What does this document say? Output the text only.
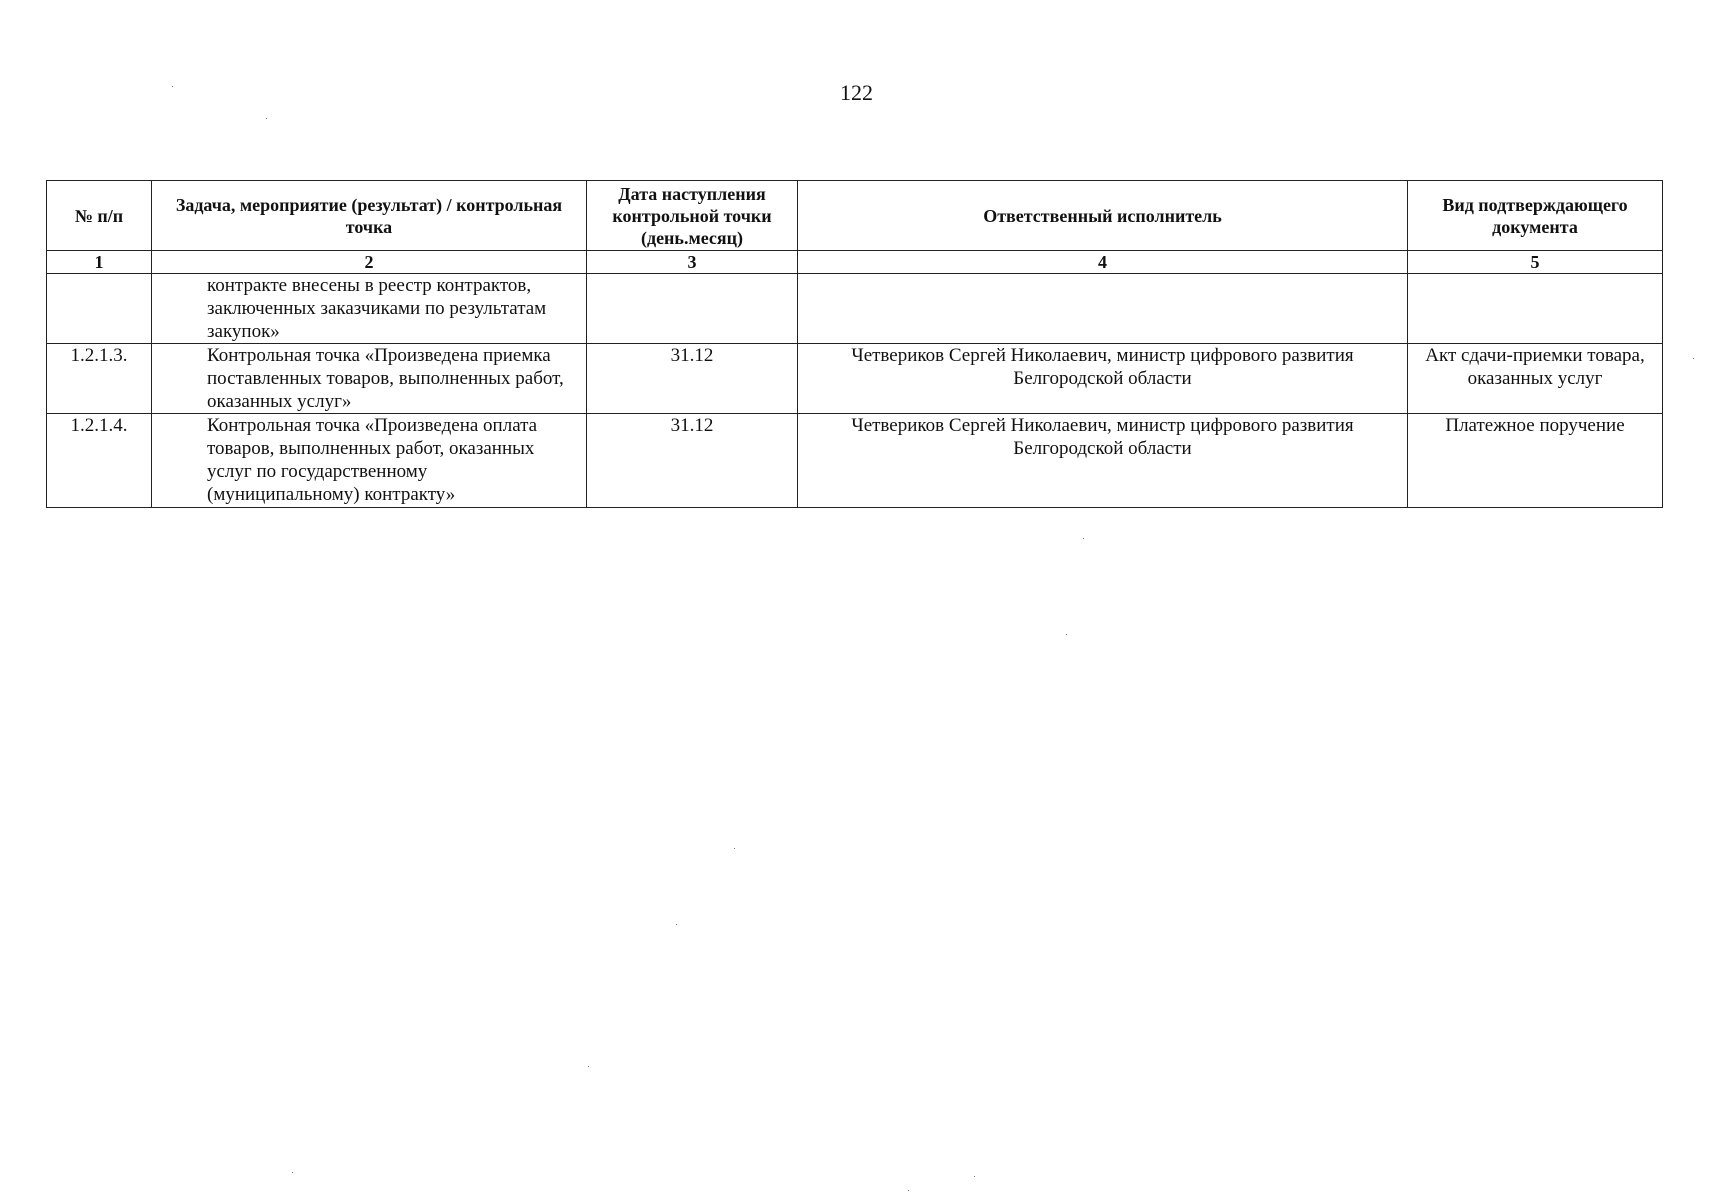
122
№ п/п	Задача, мероприятие (результат) / контрольная точка	Дата наступления контрольной точки (день.месяц)	Ответственный исполнитель	Вид подтверждающего документа
1	2	3	4	5
	контракте внесены в реестр контрактов, заключенных заказчиками по результатам закупок»			
1.2.1.3.	Контрольная точка «Произведена приемка поставленных товаров, выполненных работ, оказанных услуг»	31.12	Четвериков Сергей Николаевич, министр цифрового развития Белгородской области	Акт сдачи-приемки товара, оказанных услуг
1.2.1.4.	Контрольная точка «Произведена оплата товаров, выполненных работ, оказанных услуг по государственному (муниципальному) контракту»	31.12	Четвериков Сергей Николаевич, министр цифрового развития Белгородской области	Платежное поручение
